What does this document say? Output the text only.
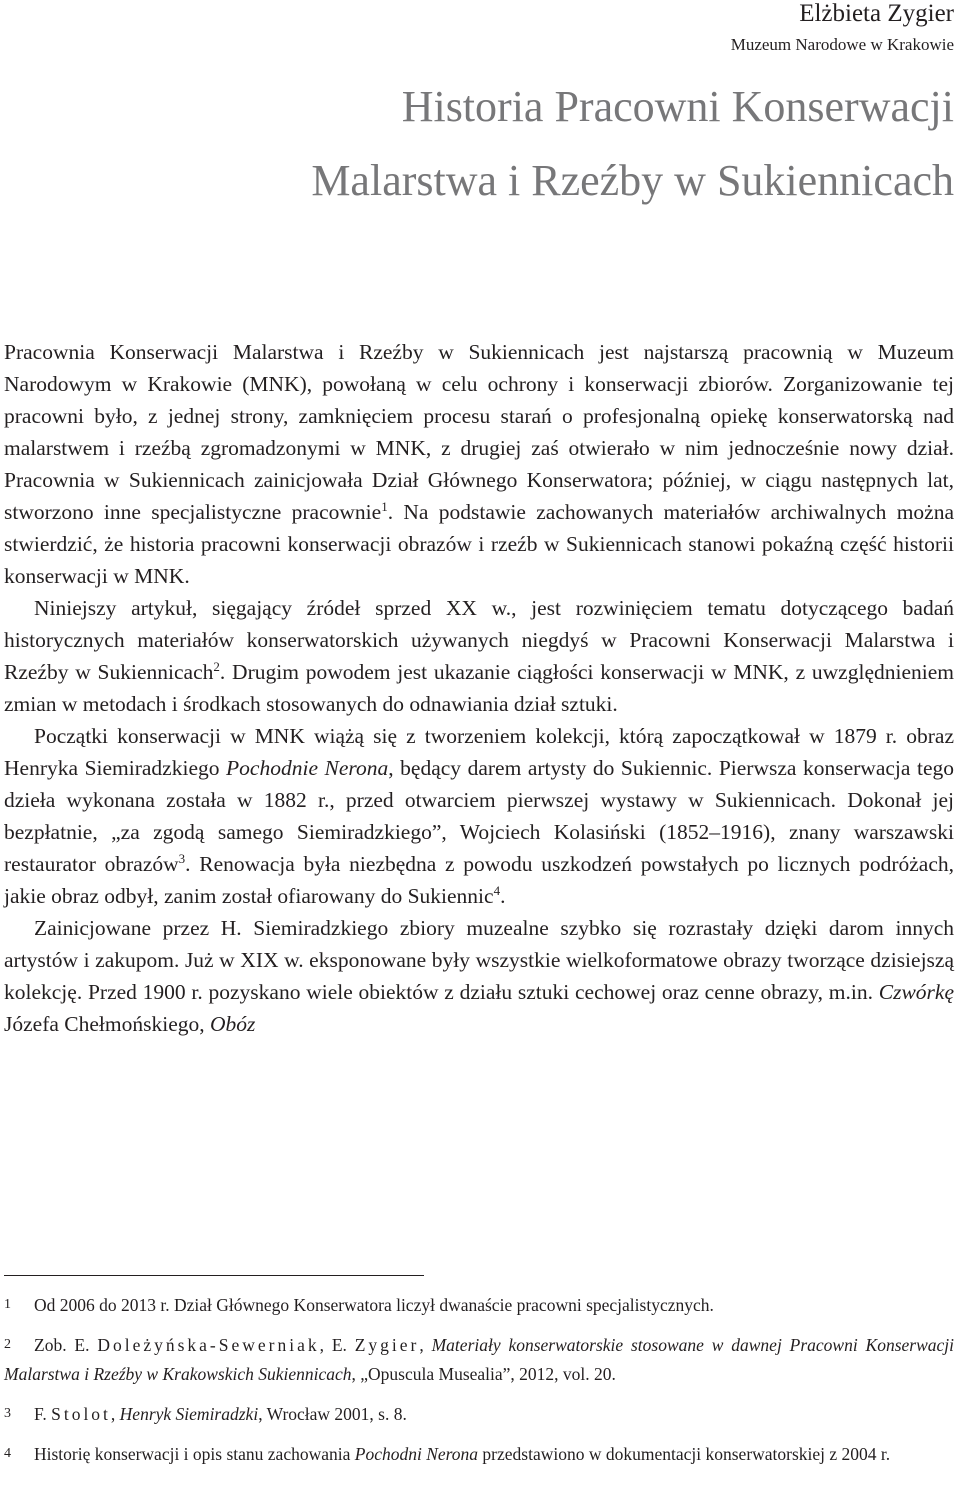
Elżbieta Zygier
Muzeum Narodowe w Krakowie
Historia Pracowni Konserwacji
Malarstwa i Rzeźby w Sukiennicach

Pracownia Konserwacji Malarstwa i Rzeźby w Sukiennicach jest najstarszą pracownią w Muzeum Narodowym w Krakowie (MNK), powołaną w celu ochrony i konserwacji zbiorów. Zorganizowanie tej pracowni było, z jednej strony, zamknięciem procesu starań o profesjonalną opiekę konserwatorską nad malarstwem i rzeźbą zgromadzonymi w MNK, z drugiej zaś otwierało w nim jednocześnie nowy dział. Pracownia w Sukiennicach zainicjowała Dział Głównego Konserwatora; później, w ciągu następnych lat, stworzono inne specjalistyczne pracownie$^1$. Na podstawie zachowanych materiałów archiwalnych można stwierdzić, że historia pracowni konserwacji obrazów i rzeźb w Sukiennicach stanowi pokaźną część historii konserwacji w MNK.

Niniejszy artykuł, sięgający źródeł sprzed XX w., jest rozwinięciem tematu dotyczącego badań historycznych materiałów konserwatorskich używanych niegdyś w Pracowni Konserwacji Malarstwa i Rzeźby w Sukiennicach$^2$. Drugim powodem jest ukazanie ciągłości konserwacji w MNK, z uwzględnieniem zmian w metodach i środkach stosowanych do odnawiania dział sztuki.

Początki konserwacji w MNK wiążą się z tworzeniem kolekcji, którą zapoczątkował w 1879 r. obraz Henryka Siemiradzkiego Pochodnie Nerona, będący darem artysty do Sukiennic. Pierwsza konserwacja tego dzieła wykonana została w 1882 r., przed otwarciem pierwszej wystawy w Sukiennicach. Dokonał jej bezpłatnie, „za zgodą samego Siemiradzkiego”, Wojciech Kolasiński (1852–1916), znany warszawski restaurator obrazów$^3$. Renowacja była niezbędna z powodu uszkodzeń powstałych po licznych podróżach, jakie obraz odbył, zanim został ofiarowany do Sukiennic$^4$.

Zainicjowane przez H. Siemiradzkiego zbiory muzealne szybko się rozrastały dzięki darom innych artystów i zakupom. Już w XIX w. eksponowane były wszystkie wielkoformatowe obrazy tworzące dzisiejszą kolekcję. Przed 1900 r. pozyskano wiele obiektów z działu sztuki cechowej oraz cenne obrazy, m.in. Czwórkę Józefa Chełmońskiego, Obóz

1 Od 2006 do 2013 r. Dział Głównego Konserwatora liczył dwanaście pracowni specjalistycznych.

2 Zob. E. Doleżyńska-Sewerniak, E. Zygier, Materiały konserwatorskie stosowane w dawnej Pracowni Konserwacji Malarstwa i Rzeźby w Krakowskich Sukiennicach, „Opuscula Musealia”, 2012, vol. 20.

3 F. Stolot, Henryk Siemiradzki, Wrocław 2001, s. 8.

4 Historię konserwacji i opis stanu zachowania Pochodni Nerona przedstawiono w dokumentacji konserwatorskiej z 2004 r.
